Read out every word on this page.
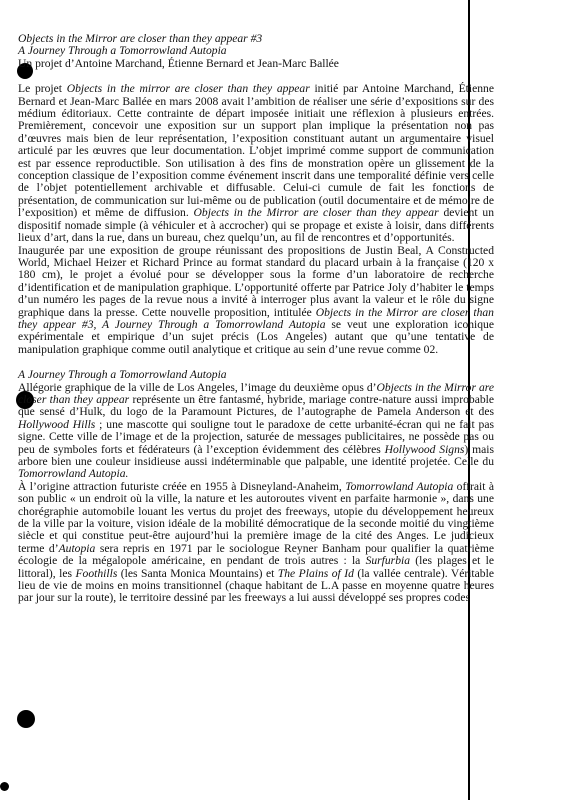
Objects in the Mirror are closer than they appear #3
A Journey Through a Tomorrowland Autopia
Un projet d’Antoine Marchand, Étienne Bernard et Jean-Marc Ballée

Le projet Objects in the mirror are closer than they appear initié par Antoine Marchand, Étienne Bernard et Jean-Marc Ballée en mars 2008 avait l’ambition de réaliser une série d’expositions sur des médium éditoriaux. Cette contrainte de départ imposée initiait une réflexion à plusieurs entrées. Premièrement, concevoir une exposition sur un support plan implique la présentation non pas d’œuvres mais bien de leur représentation, l’exposition constituant autant un argumentaire visuel articulé par les œuvres que leur documentation. L’objet imprimé comme support de communication est par essence reproductible. Son utilisation à des fins de monstration opère un glissement de la conception classique de l’exposition comme événement inscrit dans une temporalité définie vers celle de l’objet potentiellement archivable et diffusable. Celui-ci cumule de fait les fonctions de présentation, de communication sur lui-même ou de publication (outil documentaire et de mémoire de l’exposition) et même de diffusion. Objects in the Mirror are closer than they appear devient un dispositif nomade simple (à véhiculer et à accrocher) qui se propage et existe à loisir, dans différents lieux d’art, dans la rue, dans un bureau, chez quelqu’un, au fil de rencontres et d’opportunités.

Inaugurée par une exposition de groupe réunissant des propositions de Justin Beal, A Constructed World, Michael Heizer et Richard Prince au format standard du placard urbain à la française (120 x 180 cm), le projet a évolué pour se développer sous la forme d’un laboratoire de recherche d’identification et de manipulation graphique. L’opportunité offerte par Patrice Joly d’habiter le temps d’un numéro les pages de la revue nous a invité à interroger plus avant la valeur et le rôle du signe graphique dans la presse. Cette nouvelle proposition, intitulée Objects in the Mirror are closer than they appear #3, A Journey Through a Tomorrowland Autopia se veut une exploration iconique expérimentale et empirique d’un sujet précis (Los Angeles) autant que qu’une tentative de manipulation graphique comme outil analytique et critique au sein d’une revue comme 02.

A Journey Through a Tomorrowland Autopia

Allégorie graphique de la ville de Los Angeles, l’image du deuxième opus d’Objects in the Mirror are closer than they appear représente un être fantasmé, hybride, mariage contre-nature aussi improbable que sensé d’Hulk, du logo de la Paramount Pictures, de l’autographe de Pamela Anderson et des Hollywood Hills ; une mascotte qui souligne tout le paradoxe de cette urbanité-écran qui ne fait pas signe. Cette ville de l’image et de la projection, saturée de messages publicitaires, ne possède pas ou peu de symboles forts et fédérateurs (à l’exception évidemment des célèbres Hollywood Signs) mais arbore bien une couleur insidieuse aussi indéterminable que palpable, une identité projetée. Celle du Tomorrowland Autopia.

À l’origine attraction futuriste créée en 1955 à Disneyland-Anaheim, Tomorrowland Autopia offrait à son public « un endroit où la ville, la nature et les autoroutes vivent en parfaite harmonie », dans une chorégraphie automobile louant les vertus du projet des freeways, utopie du développement heureux de la ville par la voiture, vision idéale de la mobilité démocratique de la seconde moitié du vingtième siècle et qui constitue peut-être aujourd’hui la première image de la cité des Anges. Le judicieux terme d’Autopia sera repris en 1971 par le sociologue Reyner Banham pour qualifier la quatrième écologie de la mégalopole américaine, en pendant de trois autres : la Surfurbia (les plages et le littoral), les Foothills (les Santa Monica Mountains) et The Plains of Id (la vallée centrale). Véritable lieu de vie de moins en moins transitionnel (chaque habitant de L.A passe en moyenne quatre heures par jour sur la route), le territoire dessiné par les freeways a lui aussi développé ses propres codes
